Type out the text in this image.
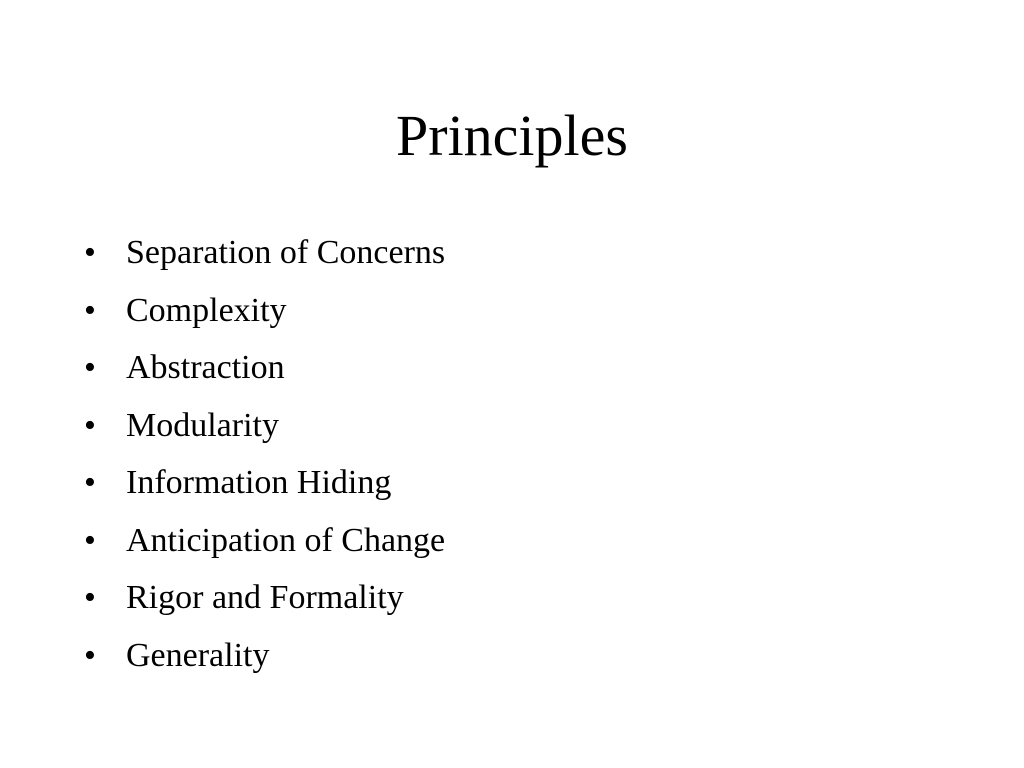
Principles
• Separation of Concerns
• Complexity
• Abstraction
• Modularity
• Information Hiding
• Anticipation of Change
• Rigor and Formality
• Generality
